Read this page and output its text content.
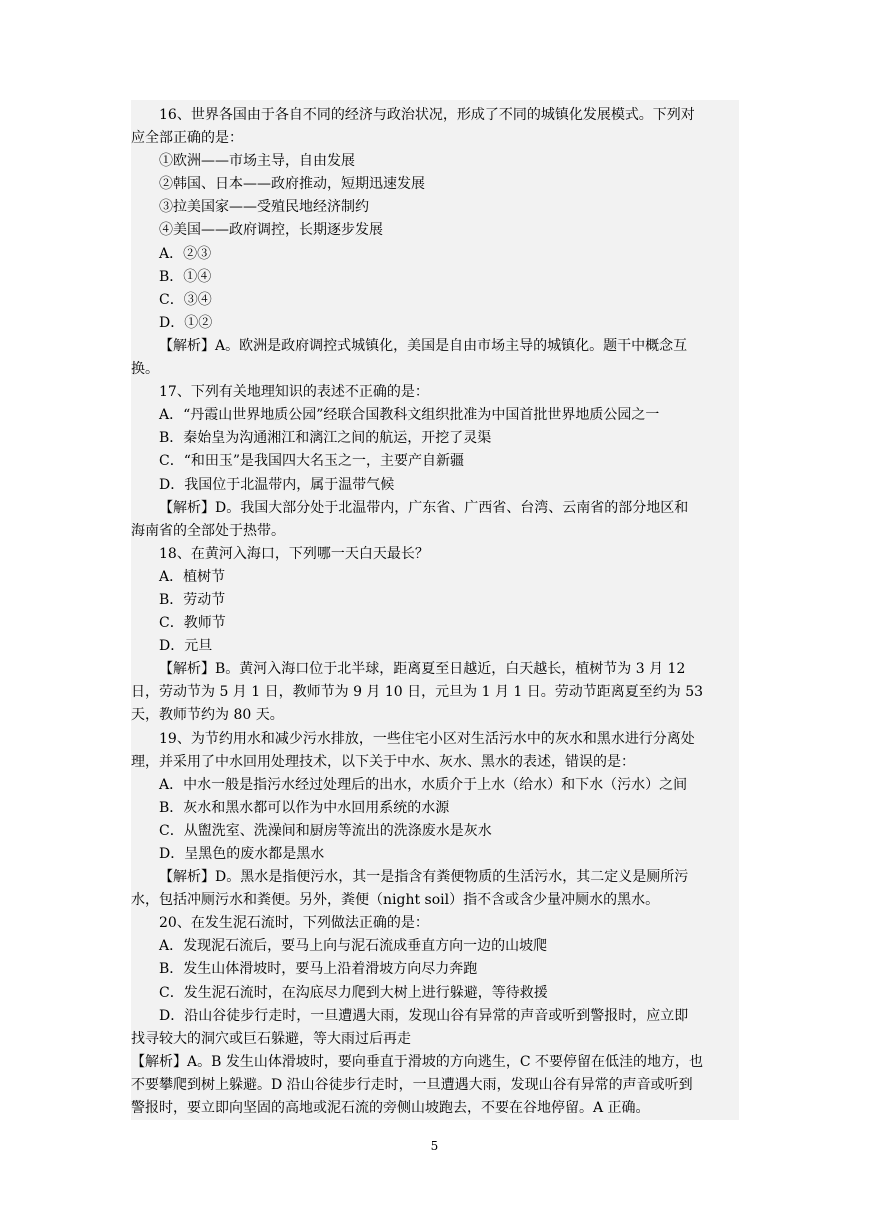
16、世界各国由于各自不同的经济与政治状况，形成了不同的城镇化发展模式。下列对
应全部正确的是：
①欧洲——市场主导，自由发展
②韩国、日本——政府推动，短期迅速发展
③拉美国家——受殖民地经济制约
④美国——政府调控，长期逐步发展
A．②③
B．①④
C．③④
D．①②
【解析】A。欧洲是政府调控式城镇化，美国是自由市场主导的城镇化。题干中概念互
换。
17、下列有关地理知识的表述不正确的是：
A．“丹霞山世界地质公园”经联合国教科文组织批准为中国首批世界地质公园之一
B．秦始皇为沟通湘江和漓江之间的航运，开挖了灵渠
C．“和田玉”是我国四大名玉之一，主要产自新疆
D．我国位于北温带内，属于温带气候
【解析】D。我国大部分处于北温带内，广东省、广西省、台湾、云南省的部分地区和
海南省的全部处于热带。
18、在黄河入海口，下列哪一天白天最长？
A．植树节
B．劳动节
C．教师节
D．元旦
【解析】B。黄河入海口位于北半球，距离夏至日越近，白天越长，植树节为 3 月 12
日，劳动节为 5 月 1 日，教师节为 9 月 10 日，元旦为 1 月 1 日。劳动节距离夏至约为 53
天，教师节约为 80 天。
19、为节约用水和减少污水排放，一些住宅小区对生活污水中的灰水和黑水进行分离处
理，并采用了中水回用处理技术，以下关于中水、灰水、黑水的表述，错误的是：
A．中水一般是指污水经过处理后的出水，水质介于上水（给水）和下水（污水）之间
B．灰水和黑水都可以作为中水回用系统的水源
C．从盥洗室、洗澡间和厨房等流出的洗涤废水是灰水
D．呈黑色的废水都是黑水
【解析】D。黑水是指便污水，其一是指含有粪便物质的生活污水，其二定义是厕所污
水，包括冲厕污水和粪便。另外，粪便（night soil）指不含或含少量冲厕水的黑水。
20、在发生泥石流时，下列做法正确的是：
A．发现泥石流后，要马上向与泥石流成垂直方向一边的山坡爬
B．发生山体滑坡时，要马上沿着滑坡方向尽力奔跑
C．发生泥石流时，在沟底尽力爬到大树上进行躲避，等待救援
D．沿山谷徒步行走时，一旦遭遇大雨，发现山谷有异常的声音或听到警报时，应立即
找寻较大的洞穴或巨石躲避，等大雨过后再走
【解析】A。B 发生山体滑坡时，要向垂直于滑坡的方向逃生，C 不要停留在低洼的地方，也
不要攀爬到树上躲避。D 沿山谷徒步行走时，一旦遭遇大雨，发现山谷有异常的声音或听到
警报时，要立即向坚固的高地或泥石流的旁侧山坡跑去，不要在谷地停留。A 正确。
5
